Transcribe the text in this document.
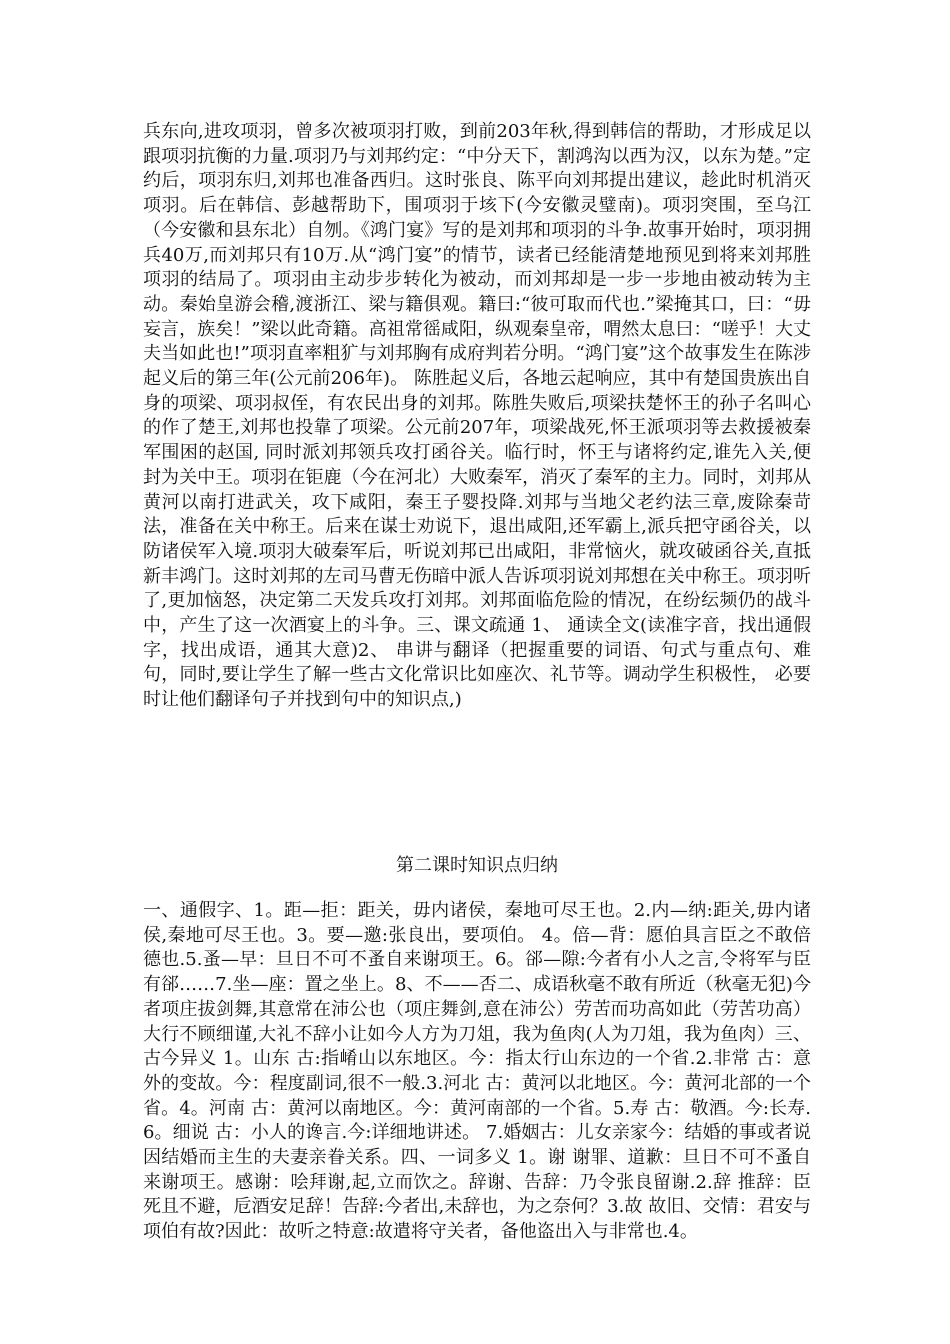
兵东向,进攻项羽，曾多次被项羽打败，到前203年秋,得到韩信的帮助，才形成足以跟项羽抗衡的力量.项羽乃与刘邦约定：“中分天下，割鸿沟以西为汉，以东为楚。”定约后，项羽东归,刘邦也准备西归。这时张良、陈平向刘邦提出建议，趁此时机消灭项羽。后在韩信、彭越帮助下，围项羽于垓下(今安徽灵璧南)。项羽突围，至乌江（今安徽和县东北）自刎。《鸿门宴》写的是刘邦和项羽的斗争.故事开始时，项羽拥兵40万,而刘邦只有10万.从“鸿门宴”的情节，读者已经能清楚地预见到将来刘邦胜项羽的结局了。项羽由主动步步转化为被动，而刘邦却是一步一步地由被动转为主动。秦始皇游会稽,渡浙江、梁与籍俱观。籍曰:“彼可取而代也.”梁掩其口，曰：“毋妄言，族矣！”梁以此奇籍。高祖常徭咸阳，纵观秦皇帝，喟然太息曰：“嗟乎！大丈夫当如此也!”项羽直率粗犷与刘邦胸有成府判若分明。“鸿门宴”这个故事发生在陈涉起义后的第三年(公元前206年)。 陈胜起义后，各地云起响应，其中有楚国贵族出自身的项梁、项羽叔侄，有农民出身的刘邦。陈胜失败后,项梁扶楚怀王的孙子名叫心的作了楚王,刘邦也投靠了项梁。公元前207年，项梁战死,怀王派项羽等去救援被秦军围困的赵国, 同时派刘邦领兵攻打函谷关。临行时，怀王与诸将约定,谁先入关,便封为关中王。项羽在钜鹿（今在河北）大败秦军，消灭了秦军的主力。同时，刘邦从黄河以南打进武关，攻下咸阳，秦王子婴投降.刘邦与当地父老约法三章,废除秦苛法，准备在关中称王。后来在谋士劝说下，退出咸阳,还军霸上,派兵把守函谷关，以防诸侯军入境.项羽大破秦军后，听说刘邦已出咸阳，非常恼火，就攻破函谷关,直抵新丰鸿门。这时刘邦的左司马曹无伤暗中派人告诉项羽说刘邦想在关中称王。项羽听了,更加恼怒，决定第二天发兵攻打刘邦。刘邦面临危险的情况，在纷纭频仍的战斗中，产生了这一次酒宴上的斗争。三、课文疏通 1、 通读全文(读准字音，找出通假字，找出成语，通其大意)2、 串讲与翻译（把握重要的词语、句式与重点句、难句，同时,要让学生了解一些古文化常识比如座次、礼节等。调动学生积极性， 必要时让他们翻译句子并找到句中的知识点,)

第二课时知识点归纳

一、通假字、1。距—拒：距关，毋内诸侯，秦地可尽王也。2.内—纳:距关,毋内诸侯,秦地可尽王也。3。要—邀:张良出，要项伯。 4。倍—背：愿伯具言臣之不敢倍德也.5.蚤—早：旦日不可不蚤自来谢项王。6。郤—隙:今者有小人之言,令将军与臣有郤……7.坐—座：置之坐上。8、不——否二、成语秋毫不敢有所近（秋毫无犯)今者项庄拔剑舞,其意常在沛公也（项庄舞剑,意在沛公）劳苦而功高如此（劳苦功高）大行不顾细谨,大礼不辞小让如今人方为刀俎，我为鱼肉(人为刀俎，我为鱼肉）三、古今异义 1。山东 古:指崤山以东地区。今：指太行山东边的一个省.2.非常 古：意外的变故。今：程度副词,很不一般.3.河北 古：黄河以北地区。今：黄河北部的一个省。4。河南 古：黄河以南地区。今：黄河南部的一个省。5.寿 古：敬酒。今:长寿.6。细说 古：小人的谗言.今:详细地讲述。 7.婚姻古：儿女亲家今：结婚的事或者说因结婚而主生的夫妻亲眷关系。四、一词多义 1。谢 谢罪、道歉：旦日不可不蚤自来谢项王。感谢：哙拜谢,起,立而饮之。辞谢、告辞：乃令张良留谢.2.辞 推辞：臣死且不避，卮酒安足辞！告辞:今者出,未辞也，为之奈何？3.故 故旧、交情：君安与项伯有故?因此：故听之特意:故遣将守关者，备他盗出入与非常也.4。
